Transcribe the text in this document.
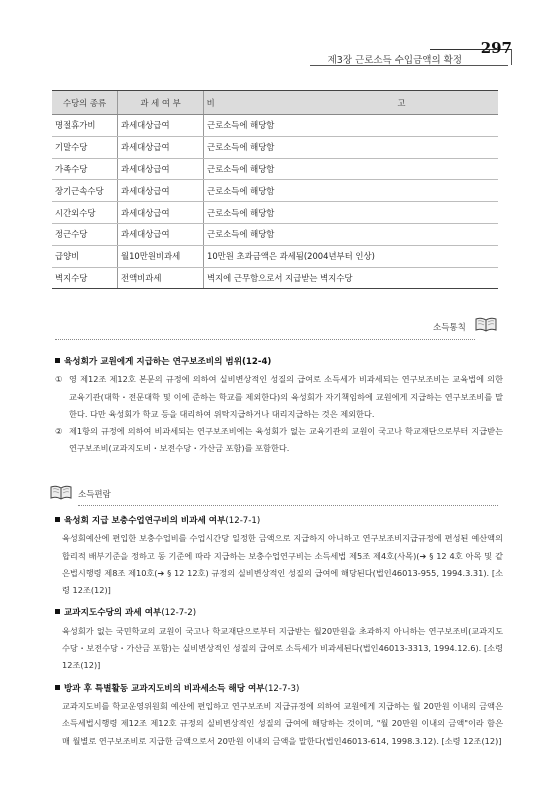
제3장 근로소득 수입금액의 확정
297
수당의 종류	과 세 여 부	비 고
명절휴가비	과세대상급여	근로소득에 해당함
기말수당	과세대상급여	근로소득에 해당함
가족수당	과세대상급여	근로소득에 해당함
장기근속수당	과세대상급여	근로소득에 해당함
시간외수당	과세대상급여	근로소득에 해당함
정근수당	과세대상급여	근로소득에 해당함
급양비	월10만원비과세	10만원 초과금액은 과세됨(2004년부터 인상)
벽지수당	전액비과세	벽지에 근무함으로서 지급받는 벽지수당
소득통칙
육성회가 교원에게 지급하는 연구보조비의 범위(12-4)
① 영 제12조 제12호 본문의 규정에 의하여 실비변상적인 성질의 급여로 소득세가 비과세되는 연구보조비는 교육법에 의한 교육기관(대학・전문대학 및 이에 준하는 학교를 제외한다)의 육성회가 자기책임하에 교원에게 지급하는 연구보조비를 말한다. 다만 육성회가 학교 등을 대리하여 위탁지급하거나 대리지급하는 것은 제외한다.
② 제1항의 규정에 의하여 비과세되는 연구보조비에는 육성회가 없는 교육기관의 교원이 국고나 학교재단으로부터 지급받는 연구보조비(교과지도비・보전수당・가산금 포함)를 포함한다.
소득편람
육성회 지급 보충수업연구비의 비과세 여부(12-7-1)
육성회예산에 편입한 보충수업비를 수업시간당 일정한 금액으로 지급하지 아니하고 연구보조비지급규정에 편성된 예산액의 합리적 배부기준을 정하고 동 기준에 따라 지급하는 보충수업연구비는 소득세법 제5조 제4호(사목)(➔ § 12 4호 아목 및 같은법시행령 제8조 제10호(➔ § 12 12호) 규정의 실비변상적인 성질의 급여에 해당된다(법인46013-955, 1994.3.31). [소령 12조(12)]
교과지도수당의 과세 여부(12-7-2)
육성회가 없는 국민학교의 교원이 국고나 학교재단으로부터 지급받는 월20만원을 초과하지 아니하는 연구보조비(교과지도수당・보전수당・가산금 포함)는 실비변상적인 성질의 급여로 소득세가 비과세된다(법인46013-3313, 1994.12.6). [소령 12조(12)]
방과 후 특별활동 교과지도비의 비과세소득 해당 여부(12-7-3)
교과지도비를 학교운영위원회 예산에 편입하고 연구보조비 지급규정에 의하여 교원에게 지급하는 월 20만원 이내의 금액은 소득세법시행령 제12조 제12호 규정의 실비변상적인 성질의 급여에 해당하는 것이며, "월 20만원 이내의 금액"이라 함은 매 월별로 연구보조비로 지급한 금액으로서 20만원 이내의 금액을 말한다(법인46013-614, 1998.3.12). [소령 12조(12)]
